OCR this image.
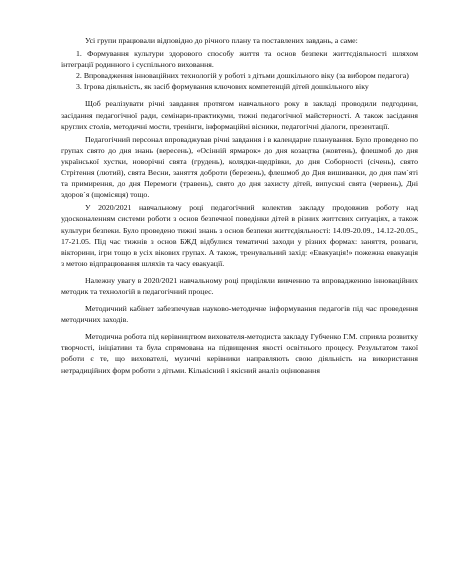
Усі групи працювали відповідно до річного плану та поставлених завдань, а саме:

1. Формування культури здорового способу життя та основ безпеки життєдіяльності шляхом інтеграції родинного і суспільного виховання.

2. Впровадження інноваційних технологій у роботі з дітьми дошкільного віку (за вибором педагога)

3. Ігрова діяльність, як засіб формування ключових компетенцій дітей дошкільного віку

Щоб реалізувати річні завдання протягом навчального року в закладі проводили педгодини, засідання педагогічної ради, семінари-практикуми, тижні педагогічної майстерності. А також засідання круглих столів, методичні мости, тренінги, інформаційні вісники, педагогічні діалоги, презентації.

Педагогічний персонал впроваджував річні завдання і в календарне планування. Було проведено по групах свято до дня знань (вересень), «Осінній ярмарок» до дня козацтва (жовтень), флешмоб до дня української хустки, новорічні свята (грудень), колядки-щедрівки, до дня Соборності (січень), свято Стрітення (лютий), свята Весни, заняття доброти (березень), флешмоб до Дня вишиванки, до дня пам`яті та примирення, до дня Перемоги (травень), свято до дня захисту дітей, випускні свята (червень), Дні здоров`я (щомісяця) тощо.

У 2020/2021 навчальному році педагогічний колектив закладу продовжив роботу над удосконаленням системи роботи з основ безпечної поведінки дітей в різних життєвих ситуаціях, а також культури безпеки. Було проведено тижні знань з основ безпеки життєдіяльності: 14.09-20.09., 14.12-20.05., 17-21.05. Під час тижнів з основ БЖД відбулися тематичні заходи у різних формах: заняття, розваги, вікторини, ігри тощо в усіх вікових групах. А також, тренувальний захід: «Евакуація!» пожежна евакуація з метою відпрацювання шляхів та часу евакуації.

Належну увагу в 2020/2021 навчальному році приділяли вивченню та впровадженню інноваційних методик та технологій в педагогічний процес.

Методичний кабінет забезпечував науково-методичне інформування педагогів під час проведення методичних заходів.

Методична робота під керівництвом вихователя-методиста закладу Губченко Г.М. сприяла розвитку творчості, ініціативи та була спрямована на підвищення якості освітнього процесу. Результатом такої роботи є те, що вихователі, музичні керівники направляють свою діяльність на використання нетрадиційних форм роботи з дітьми. Кількісний і якісний аналіз оцінювання
